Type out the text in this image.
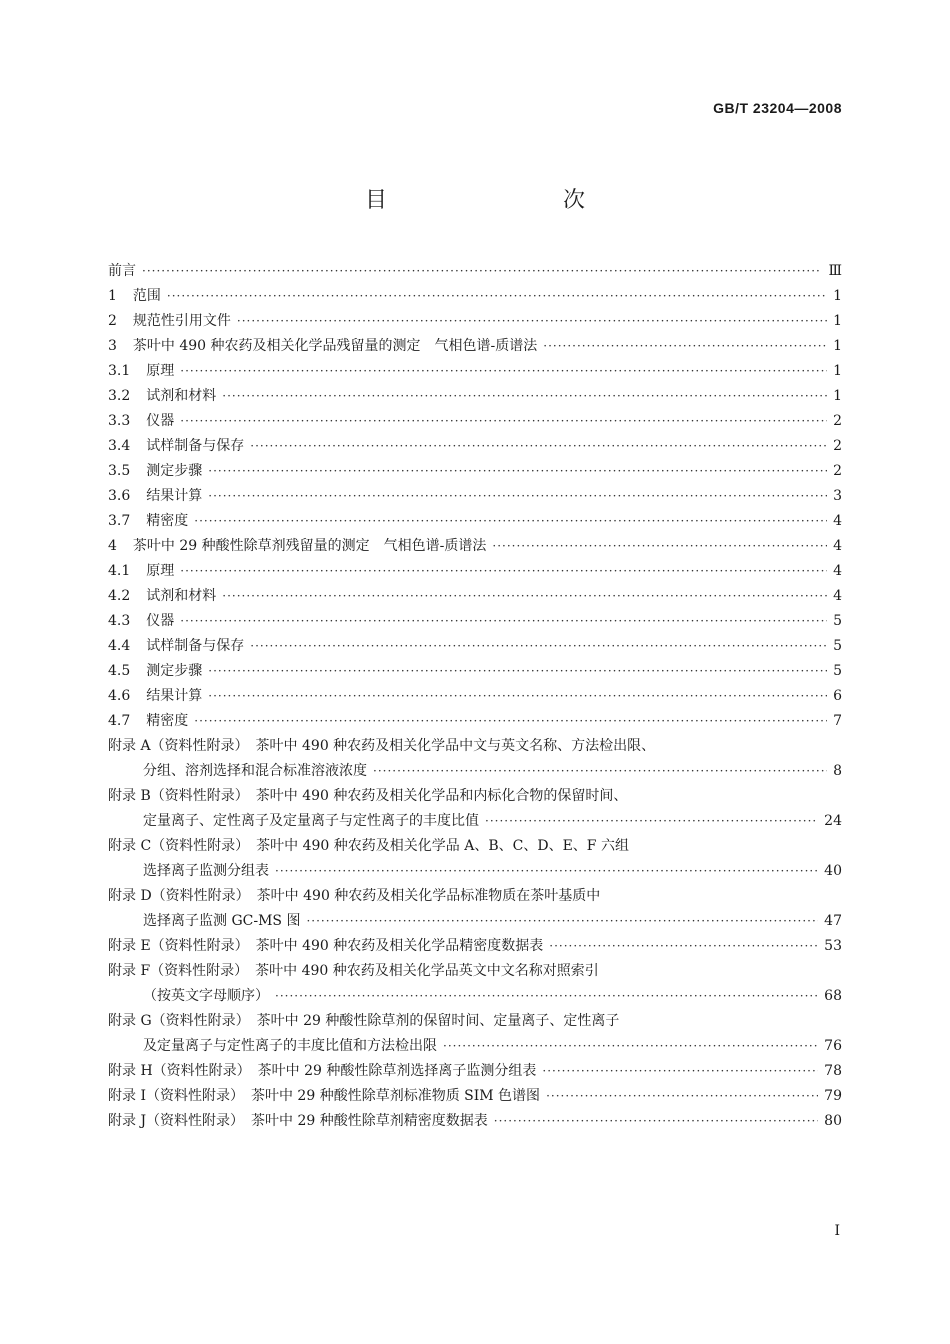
GB/T 23204—2008
目　　次
前言 ·····	Ⅲ
1 范围 ·····	1
2 规范性引用文件 ·····	1
3 茶叶中 490 种农药及相关化学品残留量的测定　气相色谱-质谱法 ·····	1
3.1 原理 ·····	1
3.2 试剂和材料 ·····	1
3.3 仪器 ·····	2
3.4 试样制备与保存 ·····	2
3.5 测定步骤 ·····	2
3.6 结果计算 ·····	3
3.7 精密度 ·····	4
4 茶叶中 29 种酸性除草剂残留量的测定　气相色谱-质谱法 ·····	4
4.1 原理 ·····	4
4.2 试剂和材料 ·····	4
4.3 仪器 ·····	5
4.4 试样制备与保存 ·····	5
4.5 测定步骤 ·····	5
4.6 结果计算 ·····	6
4.7 精密度 ·····	7
附录 A（资料性附录）　茶叶中 490 种农药及相关化学品中文与英文名称、方法检出限、
分组、溶剂选择和混合标准溶液浓度 ·····	8
附录 B（资料性附录）　茶叶中 490 种农药及相关化学品和内标化合物的保留时间、
定量离子、定性离子及定量离子与定性离子的丰度比值 ·····	24
附录 C（资料性附录）　茶叶中 490 种农药及相关化学品 A、B、C、D、E、F 六组
选择离子监测分组表 ·····	40
附录 D（资料性附录）　茶叶中 490 种农药及相关化学品标准物质在茶叶基质中
选择离子监测 GC-MS 图 ·····	47
附录 E（资料性附录）　茶叶中 490 种农药及相关化学品精密度数据表 ·····	53
附录 F（资料性附录）　茶叶中 490 种农药及相关化学品英文中文名称对照索引
（按英文字母顺序） ·····	68
附录 G（资料性附录）　茶叶中 29 种酸性除草剂的保留时间、定量离子、定性离子
及定量离子与定性离子的丰度比值和方法检出限 ·····	76
附录 H（资料性附录）　茶叶中 29 种酸性除草剂选择离子监测分组表 ·····	78
附录 I（资料性附录）　茶叶中 29 种酸性除草剂标准物质 SIM 色谱图 ·····	79
附录 J（资料性附录）　茶叶中 29 种酸性除草剂精密度数据表 ·····	80
I
